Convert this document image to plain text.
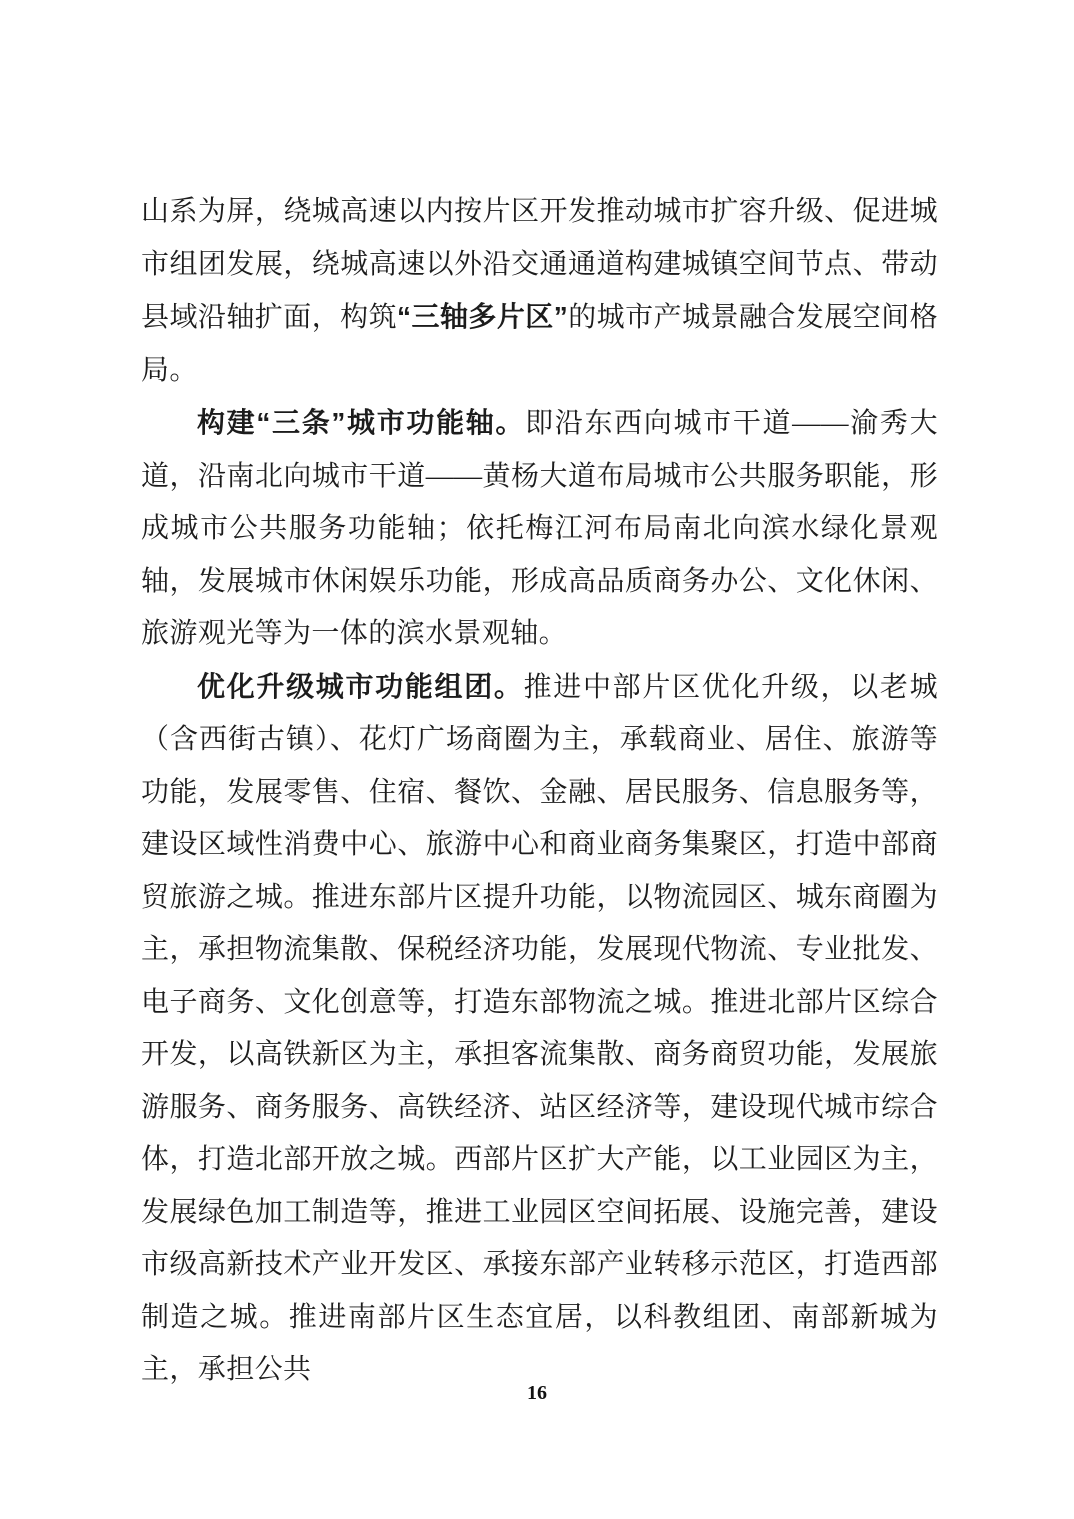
山系为屏，绕城高速以内按片区开发推动城市扩容升级、促进城市组团发展，绕城高速以外沿交通通道构建城镇空间节点、带动县域沿轴扩面，构筑“三轴多片区”的城市产城景融合发展空间格局。

构建“三条”城市功能轴。即沿东西向城市干道——渝秀大道，沿南北向城市干道——黄杨大道布局城市公共服务职能，形成城市公共服务功能轴；依托梅江河布局南北向滨水绿化景观轴，发展城市休闲娱乐功能，形成高品质商务办公、文化休闲、旅游观光等为一体的滨水景观轴。

优化升级城市功能组团。推进中部片区优化升级，以老城（含西街古镇）、花灯广场商圈为主，承载商业、居住、旅游等功能，发展零售、住宿、餐饮、金融、居民服务、信息服务等，建设区域性消费中心、旅游中心和商业商务集聚区，打造中部商贸旅游之城。推进东部片区提升功能，以物流园区、城东商圈为主，承担物流集散、保税经济功能，发展现代物流、专业批发、电子商务、文化创意等，打造东部物流之城。推进北部片区综合开发，以高铁新区为主，承担客流集散、商务商贸功能，发展旅游服务、商务服务、高铁经济、站区经济等，建设现代城市综合体，打造北部开放之城。西部片区扩大产能，以工业园区为主，发展绿色加工制造等，推进工业园区空间拓展、设施完善，建设市级高新技术产业开发区、承接东部产业转移示范区，打造西部制造之城。推进南部片区生态宜居，以科教组团、南部新城为主，承担公共

16
